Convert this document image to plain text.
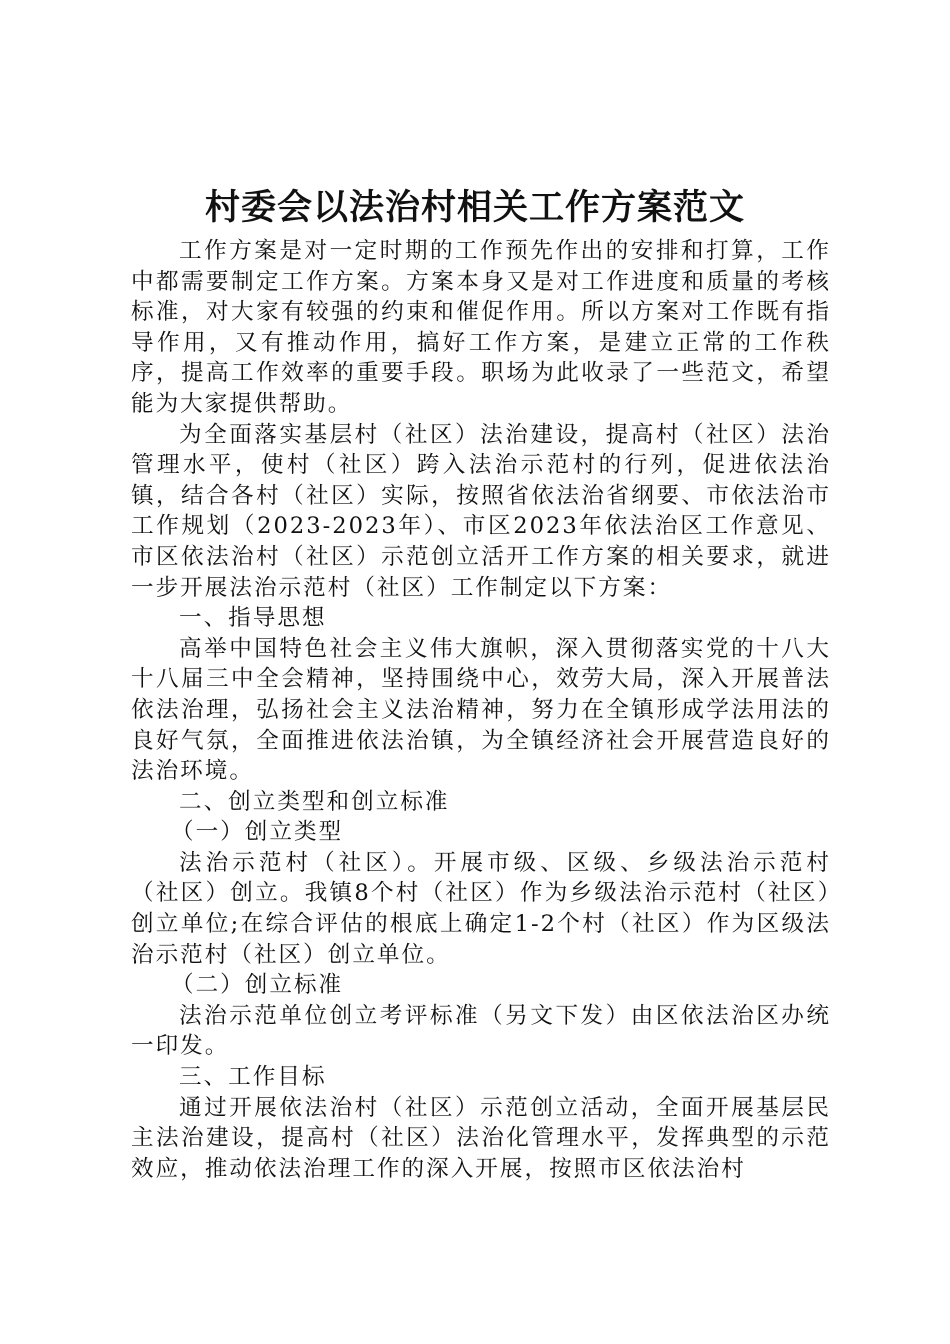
村委会以法治村相关工作方案范文

工作方案是对一定时期的工作预先作出的安排和打算，工作中都需要制定工作方案。方案本身又是对工作进度和质量的考核标准，对大家有较强的约束和催促作用。所以方案对工作既有指导作用，又有推动作用，搞好工作方案，是建立正常的工作秩序，提高工作效率的重要手段。职场为此收录了一些范文，希望能为大家提供帮助。

为全面落实基层村（社区）法治建设，提高村（社区）法治管理水平，使村（社区）跨入法治示范村的行列，促进依法治镇，结合各村（社区）实际，按照省依法治省纲要、市依法治市工作规划（2023-2023年）、市区2023年依法治区工作意见、市区依法治村（社区）示范创立活开工作方案的相关要求，就进一步开展法治示范村（社区）工作制定以下方案：

一、指导思想

高举中国特色社会主义伟大旗帜，深入贯彻落实党的十八大十八届三中全会精神，坚持围绕中心，效劳大局，深入开展普法依法治理，弘扬社会主义法治精神，努力在全镇形成学法用法的良好气氛，全面推进依法治镇，为全镇经济社会开展营造良好的法治环境。

二、创立类型和创立标准

（一）创立类型

法治示范村（社区）。开展市级、区级、乡级法治示范村（社区）创立。我镇8个村（社区）作为乡级法治示范村（社区）创立单位;在综合评估的根底上确定1-2个村（社区）作为区级法治示范村（社区）创立单位。

（二）创立标准

法治示范单位创立考评标准（另文下发）由区依法治区办统一印发。

三、工作目标

通过开展依法治村（社区）示范创立活动，全面开展基层民主法治建设，提高村（社区）法治化管理水平，发挥典型的示范效应，推动依法治理工作的深入开展，按照市区依法治村
